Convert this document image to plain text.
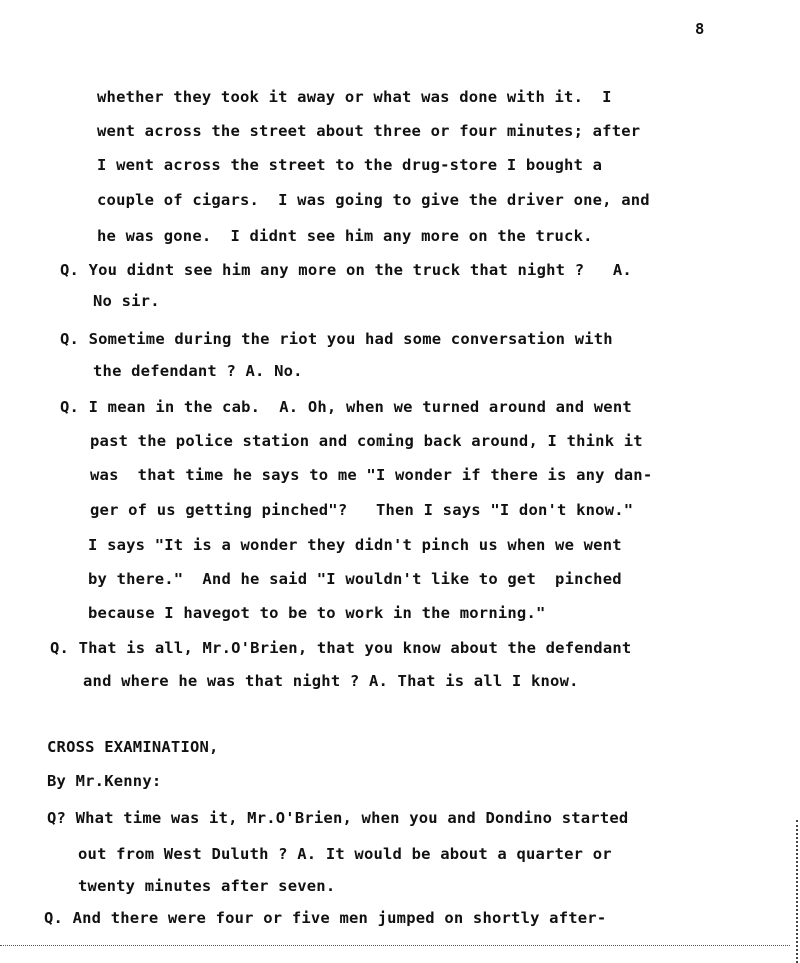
8
whether they took it away or what was done with it.  I
went across the street about three or four minutes; after
I went across the street to the drug-store I bought a
couple of cigars.  I was going to give the driver one, and
he was gone.  I didnt see him any more on the truck.
Q. You didnt see him any more on the truck that night ?   A.
No sir.
Q. Sometime during the riot you had some conversation with
the defendant ? A. No.
Q. I mean in the cab.  A. Oh, when we turned around and went
past the police station and coming back around, I think it
was  that time he says to me "I wonder if there is any dan-
ger of us getting pinched"?   Then I says "I don't know."
I says "It is a wonder they didn't pinch us when we went
by there."  And he said "I wouldn't like to get  pinched
because I havegot to be to work in the morning."
Q. That is all, Mr.O'Brien, that you know about the defendant
and where he was that night ? A. That is all I know.
CROSS EXAMINATION,
By Mr.Kenny:
Q? What time was it, Mr.O'Brien, when you and Dondino started
out from West Duluth ? A. It would be about a quarter or
twenty minutes after seven.
Q. And there were four or five men jumped on shortly after-
